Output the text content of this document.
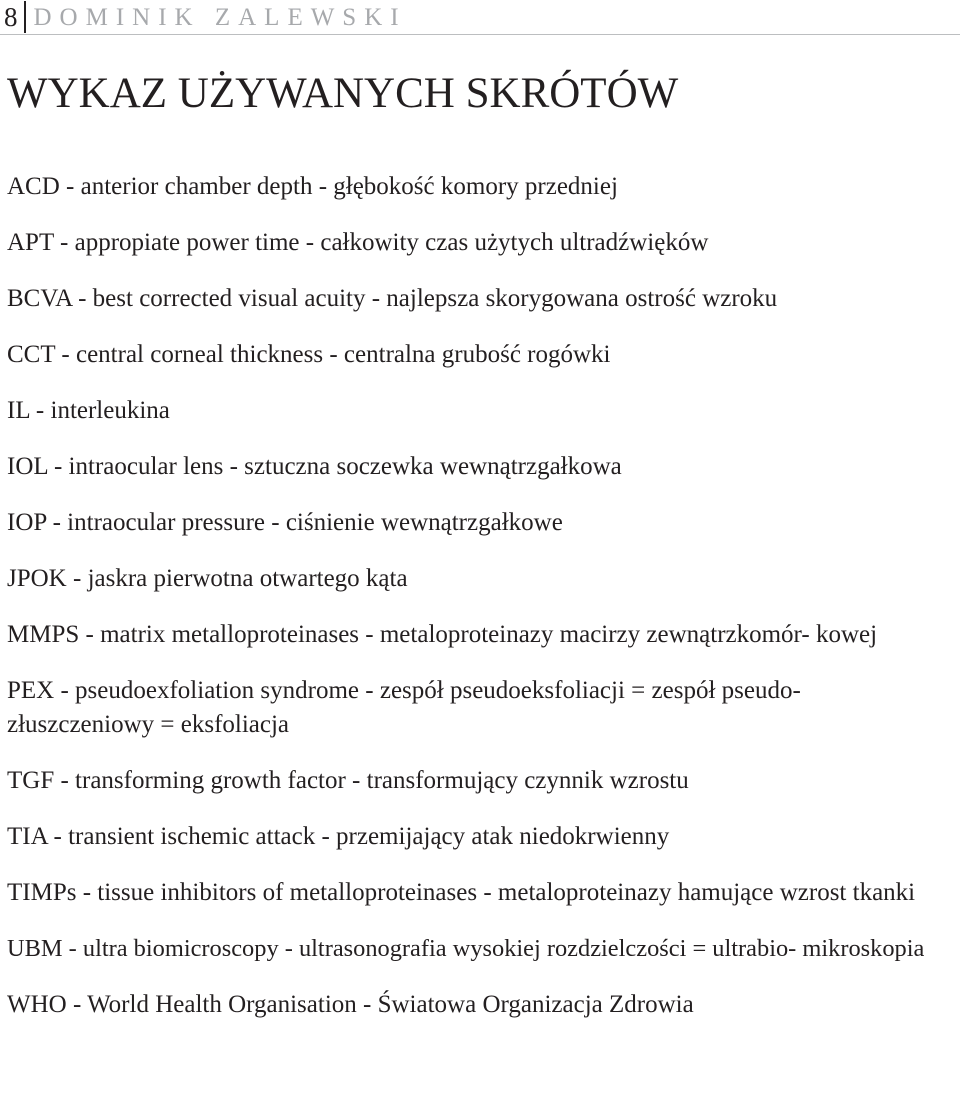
8 DOMINIK ZALEWSKI
WYKAZ UŻYWANYCH SKRÓTÓW
ACD - anterior chamber depth - głębokość komory przedniej
APT - appropiate power time - całkowity czas użytych ultradźwięków
BCVA - best corrected visual acuity - najlepsza skorygowana ostrość wzroku
CCT - central corneal thickness - centralna grubość rogówki
IL - interleukina
IOL - intraocular lens - sztuczna soczewka wewnątrzgałkowa
IOP - intraocular pressure - ciśnienie wewnątrzgałkowe
JPOK - jaskra pierwotna otwartego kąta
MMPS - matrix metalloproteinases - metaloproteinazy macirzy zewnątrzkomór- kowej
PEX - pseudoexfoliation syndrome - zespół pseudoeksfoliacji = zespół pseudo- złuszczeniowy = eksfoliacja
TGF - transforming growth factor - transformujący czynnik wzrostu
TIA - transient ischemic attack - przemijający atak niedokrwienny
TIMPs - tissue inhibitors of metalloproteinases - metaloproteinazy hamujące wzrost tkanki
UBM - ultra biomicroscopy - ultrasonografia wysokiej rozdzielczości = ultrabio- mikroskopia
WHO - World Health Organisation - Światowa Organizacja Zdrowia
